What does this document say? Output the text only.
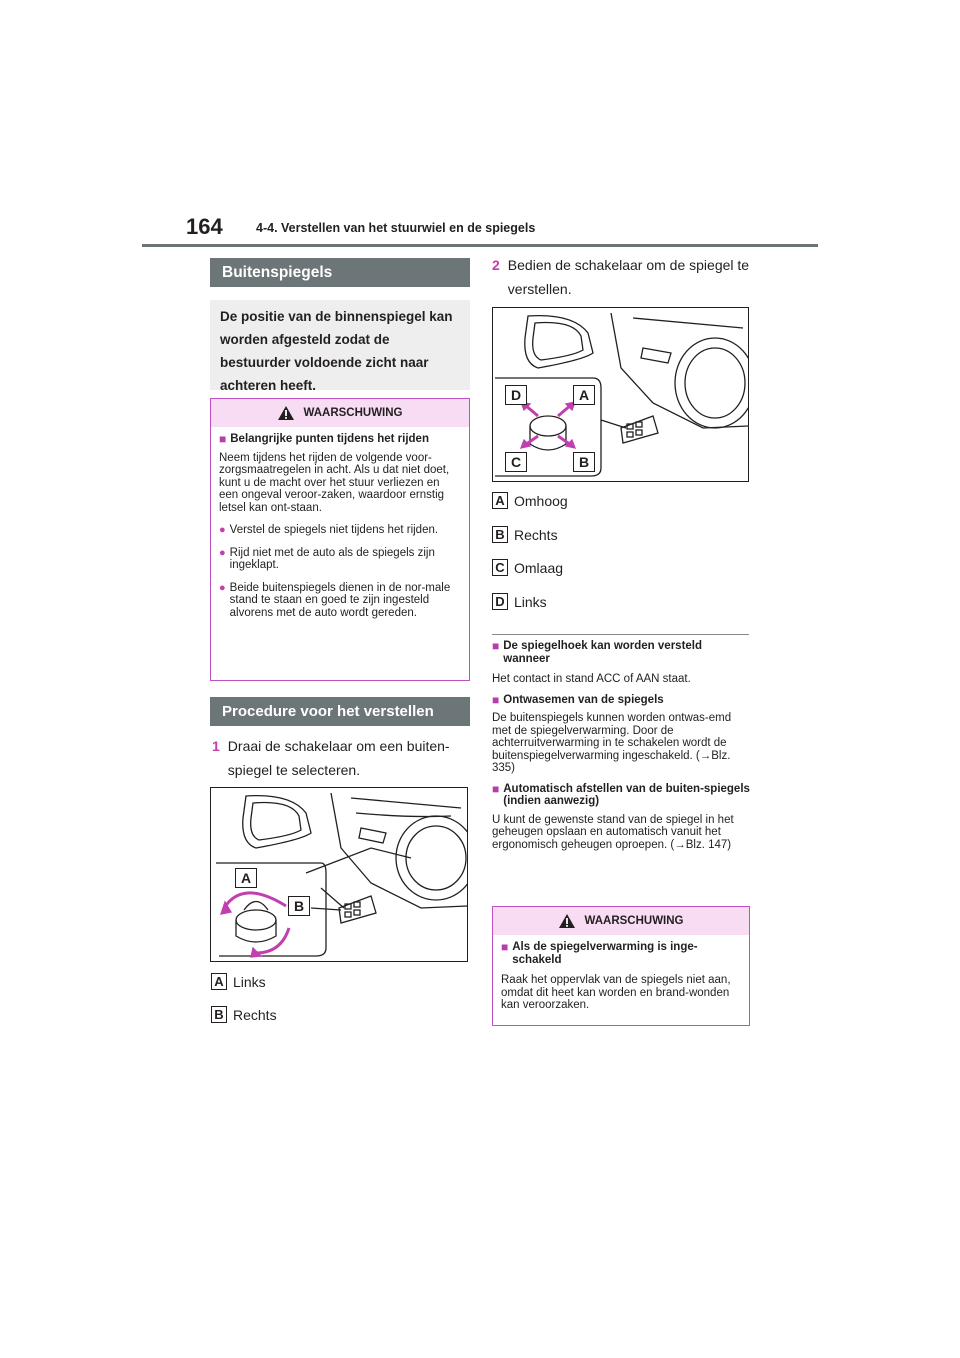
164	4-4. Verstellen van het stuurwiel en de spiegels
Buitenspiegels
De positie van de binnenspiegel kan worden afgesteld zodat de bestuurder voldoende zicht naar achteren heeft.
WAARSCHUWING
■ Belangrijke punten tijdens het rijden
Neem tijdens het rijden de volgende voor-zorgsmaatregelen in acht. Als u dat niet doet, kunt u de macht over het stuur verliezen en een ongeval veroor-zaken, waardoor ernstig letsel kan ont-staan.
● Verstel de spiegels niet tijdens het rijden.
● Rijd niet met de auto als de spiegels zijn ingeklapt.
● Beide buitenspiegels dienen in de nor-male stand te staan en goed te zijn ingesteld alvorens met de auto wordt gereden.
Procedure voor het verstellen
1 Draai de schakelaar om een buiten-spiegel te selecteren.
A
B
A Links
B Rechts
2 Bedien de schakelaar om de spiegel te verstellen.
D	A
C	B
A Omhoog
B Rechts
C Omlaag
D Links
■ De spiegelhoek kan worden versteld wanneer
Het contact in stand ACC of AAN staat.
■ Ontwasemen van de spiegels
De buitenspiegels kunnen worden ontwas-emd met de spiegelverwarming. Door de achterruitverwarming in te schakelen wordt de buitenspiegelverwarming ingeschakeld. (→Blz. 335)
■ Automatisch afstellen van de buiten-spiegels (indien aanwezig)
U kunt de gewenste stand van de spiegel in het geheugen opslaan en automatisch vanuit het ergonomisch geheugen oproepen. (→Blz. 147)
WAARSCHUWING
■ Als de spiegelverwarming is inge-schakeld
Raak het oppervlak van de spiegels niet aan, omdat dit heet kan worden en brand-wonden kan veroorzaken.
